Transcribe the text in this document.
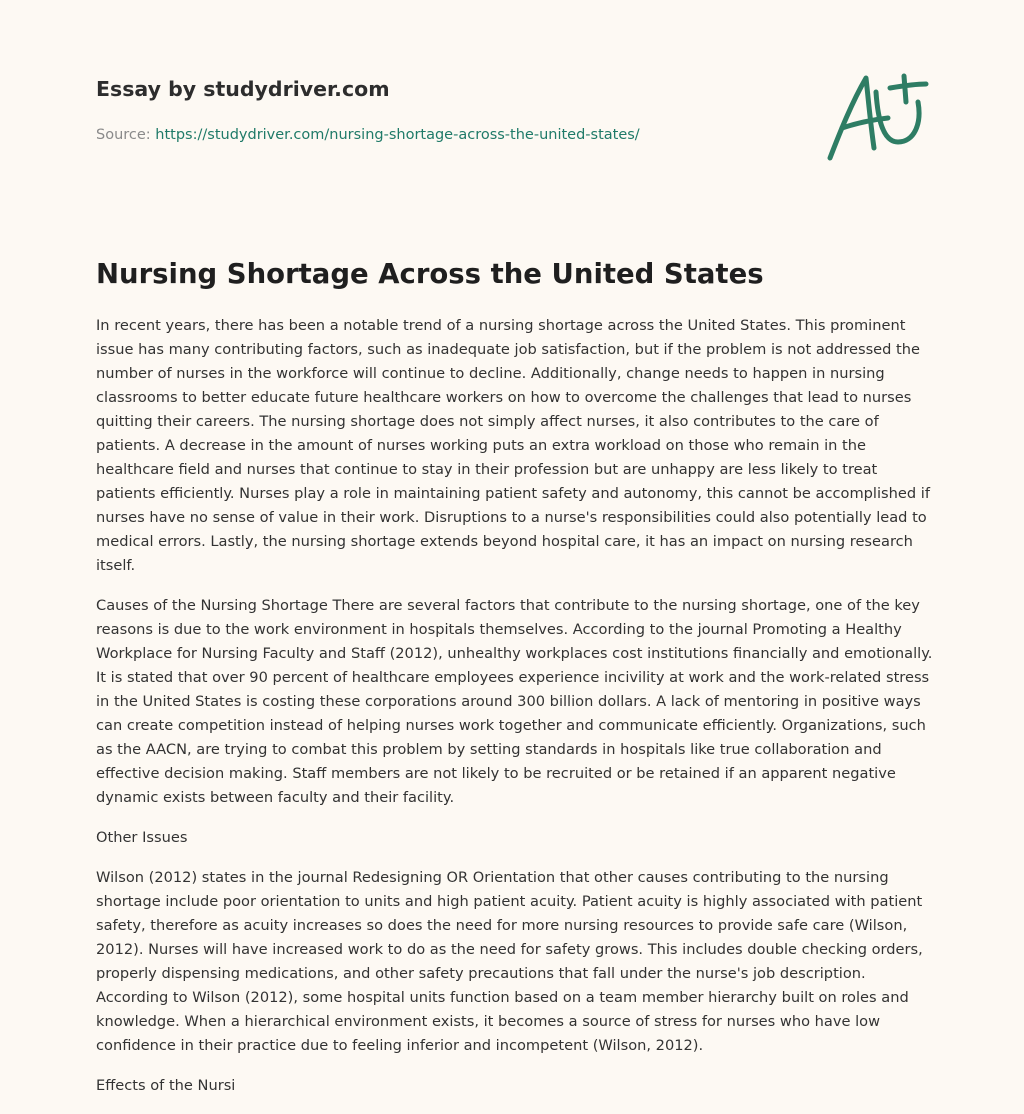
Essay by studydriver.com

Source: https://studydriver.com/nursing-shortage-across-the-united-states/
Nursing Shortage Across the United States

In recent years, there has been a notable trend of a nursing shortage across the United States. This prominent issue has many contributing factors, such as inadequate job satisfaction, but if the problem is not addressed the number of nurses in the workforce will continue to decline. Additionally, change needs to happen in nursing classrooms to better educate future healthcare workers on how to overcome the challenges that lead to nurses quitting their careers. The nursing shortage does not simply affect nurses, it also contributes to the care of patients. A decrease in the amount of nurses working puts an extra workload on those who remain in the healthcare field and nurses that continue to stay in their profession but are unhappy are less likely to treat patients efficiently. Nurses play a role in maintaining patient safety and autonomy, this cannot be accomplished if nurses have no sense of value in their work. Disruptions to a nurse's responsibilities could also potentially lead to medical errors. Lastly, the nursing shortage extends beyond hospital care, it has an impact on nursing research itself.

Causes of the Nursing Shortage There are several factors that contribute to the nursing shortage, one of the key reasons is due to the work environment in hospitals themselves. According to the journal Promoting a Healthy Workplace for Nursing Faculty and Staff (2012), unhealthy workplaces cost institutions financially and emotionally. It is stated that over 90 percent of healthcare employees experience incivility at work and the work-related stress in the United States is costing these corporations around 300 billion dollars. A lack of mentoring in positive ways can create competition instead of helping nurses work together and communicate efficiently. Organizations, such as the AACN, are trying to combat this problem by setting standards in hospitals like true collaboration and effective decision making. Staff members are not likely to be recruited or be retained if an apparent negative dynamic exists between faculty and their facility.

Other Issues

Wilson (2012) states in the journal Redesigning OR Orientation that other causes contributing to the nursing shortage include poor orientation to units and high patient acuity. Patient acuity is highly associated with patient safety, therefore as acuity increases so does the need for more nursing resources to provide safe care (Wilson, 2012). Nurses will have increased work to do as the need for safety grows. This includes double checking orders, properly dispensing medications, and other safety precautions that fall under the nurse's job description. According to Wilson (2012), some hospital units function based on a team member hierarchy built on roles and knowledge. When a hierarchical environment exists, it becomes a source of stress for nurses who have low confidence in their practice due to feeling inferior and incompetent (Wilson, 2012).

Effects of the Nursi
